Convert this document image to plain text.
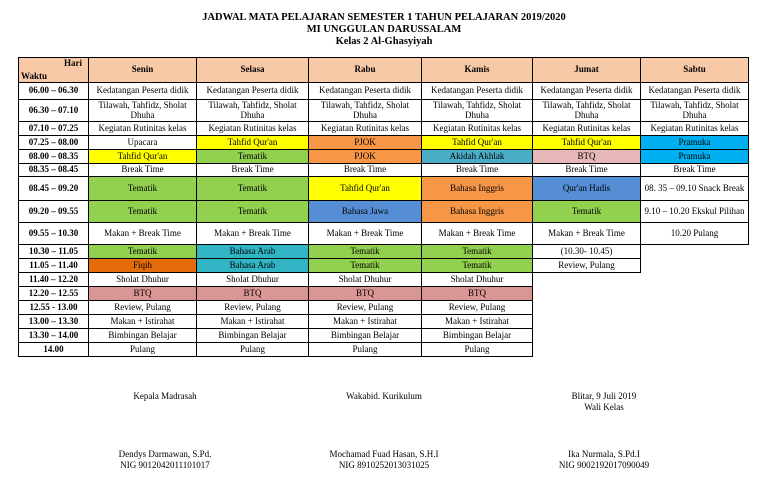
JADWAL MATA PELAJARAN SEMESTER 1 TAHUN PELAJARAN 2019/2020
MI UNGGULAN DARUSSALAM
Kelas 2 Al-Ghasyiyah
Hari
Waktu	Senin	Selasa	Rabu	Kamis	Jumat	Sabtu
06.00 – 06.30	Kedatangan Peserta didik	Kedatangan Peserta didik	Kedatangan Peserta didik	Kedatangan Peserta didik	Kedatangan Peserta didik	Kedatangan Peserta didik
06.30 – 07.10	Tilawah, Tahfidz, Sholat Dhuha	Tilawah, Tahfidz, Sholat Dhuha	Tilawah, Tahfidz, Sholat Dhuha	Tilawah, Tahfidz, Sholat Dhuha	Tilawah, Tahfidz, Sholat Dhuha	Tilawah, Tahfidz, Sholat Dhuha
07.10 – 07.25	Kegiatan Rutinitas kelas	Kegiatan Rutinitas kelas	Kegiatan Rutinitas kelas	Kegiatan Rutinitas kelas	Kegiatan Rutinitas kelas	Kegiatan Rutinitas kelas
07.25 – 08.00	Upacara	Tahfid Qur'an	PJOK	Tahfid Qur'an	Tahfid Qur'an	Pramuka
08.00 – 08.35	Tahfid Qur'an	Tematik	PJOK	Akidah Akhlak	BTQ	Pramuka
08.35 – 08.45	Break Time	Break Time	Break Time	Break Time	Break Time	Break Time
08.45 – 09.20	Tematik	Tematik	Tahfid Qur'an	Bahasa Inggris	Qur'an Hadis	08. 35 – 09.10 Snack Break
09.20 – 09.55	Tematik	Tematik	Bahasa Jawa	Bahasa Inggris	Tematik	9.10 – 10.20 Ekskul Pilihan
09.55 – 10.30	Makan + Break Time	Makan + Break Time	Makan + Break Time	Makan + Break Time	Makan + Break Time	10.20 Pulang
10.30 – 11.05	Tematik	Bahasa Arab	Tematik	Tematik	(10.30- 10.45)	
11.05 – 11.40	Fiqih	Bahasa Arab	Tematik	Tematik	Review, Pulang	
11.40 – 12.20	Sholat Dhuhur	Sholat Dhuhur	Sholat Dhuhur	Sholat Dhuhur		
12.20 – 12.55	BTQ	BTQ	BTQ	BTQ		
12.55 - 13.00	Review, Pulang	Review, Pulang	Review, Pulang	Review, Pulang		
13.00 – 13.30	Makan + Istirahat	Makan + Istirahat	Makan + Istirahat	Makan + Istirahat		
13.30 – 14.00	Bimbingan Belajar	Bimbingan Belajar	Bimbingan Belajar	Bimbingan Belajar		
14.00	Pulang	Pulang	Pulang	Pulang		
Kepala Madrasah
Dendys Darmawan, S.Pd.
NIG 9012042011101017
Wakabid. Kurikulum
Mochamad Fuad Hasan, S.H.I
NIG 8910252013031025
Blitar, 9 Juli 2019
Wali Kelas
Ika Nurmala, S.Pd.I
NIG 9002192017090049
